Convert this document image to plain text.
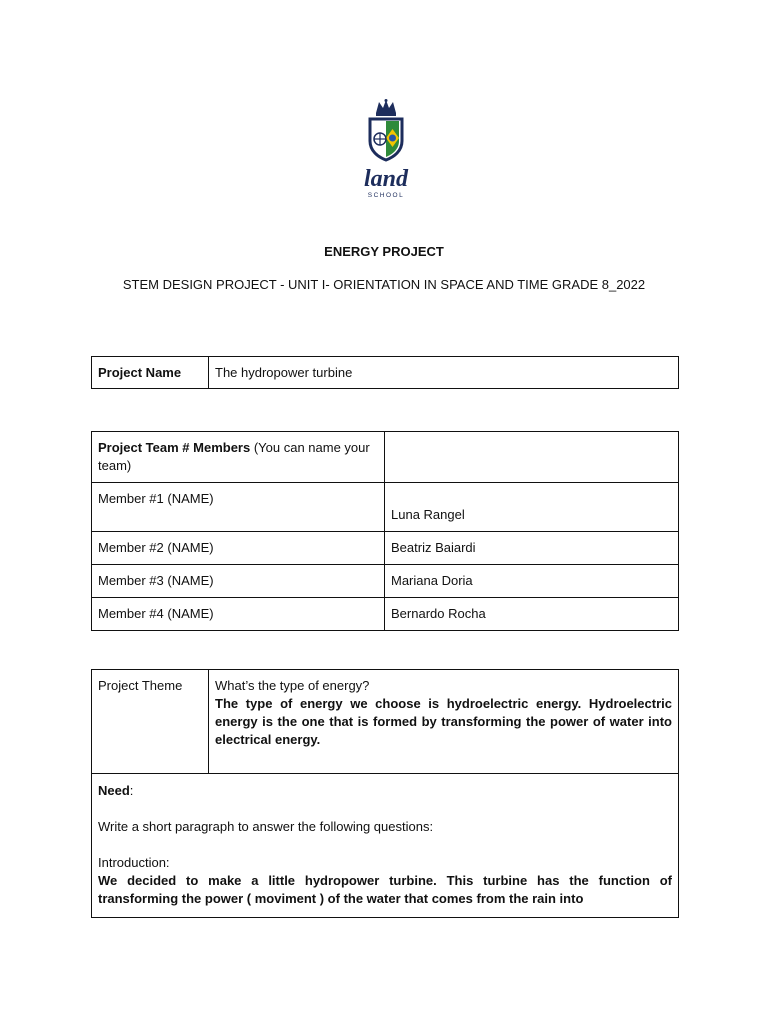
land
SCHOOL
ENERGY PROJECT
STEM DESIGN PROJECT - UNIT I- ORIENTATION IN SPACE AND TIME GRADE 8_2022
Project Name	The hydropower turbine
Project Team # Members (You can name your team)	
Member #1 (NAME)	Luna Rangel
Member #2 (NAME)	Beatriz Baiardi
Member #3 (NAME)	Mariana Doria
Member #4 (NAME)	Bernardo Rocha
Project Theme	What’s the type of energy?

The type of energy we choose is hydroelectric energy. Hydroelectric energy is the one that is formed by transforming the power of water into electrical energy.

Need:

Write a short paragraph to answer the following questions:

Introduction:

We decided to make a little hydropower turbine. This turbine has the function of transforming the power ( moviment ) of the water that comes from the rain into
